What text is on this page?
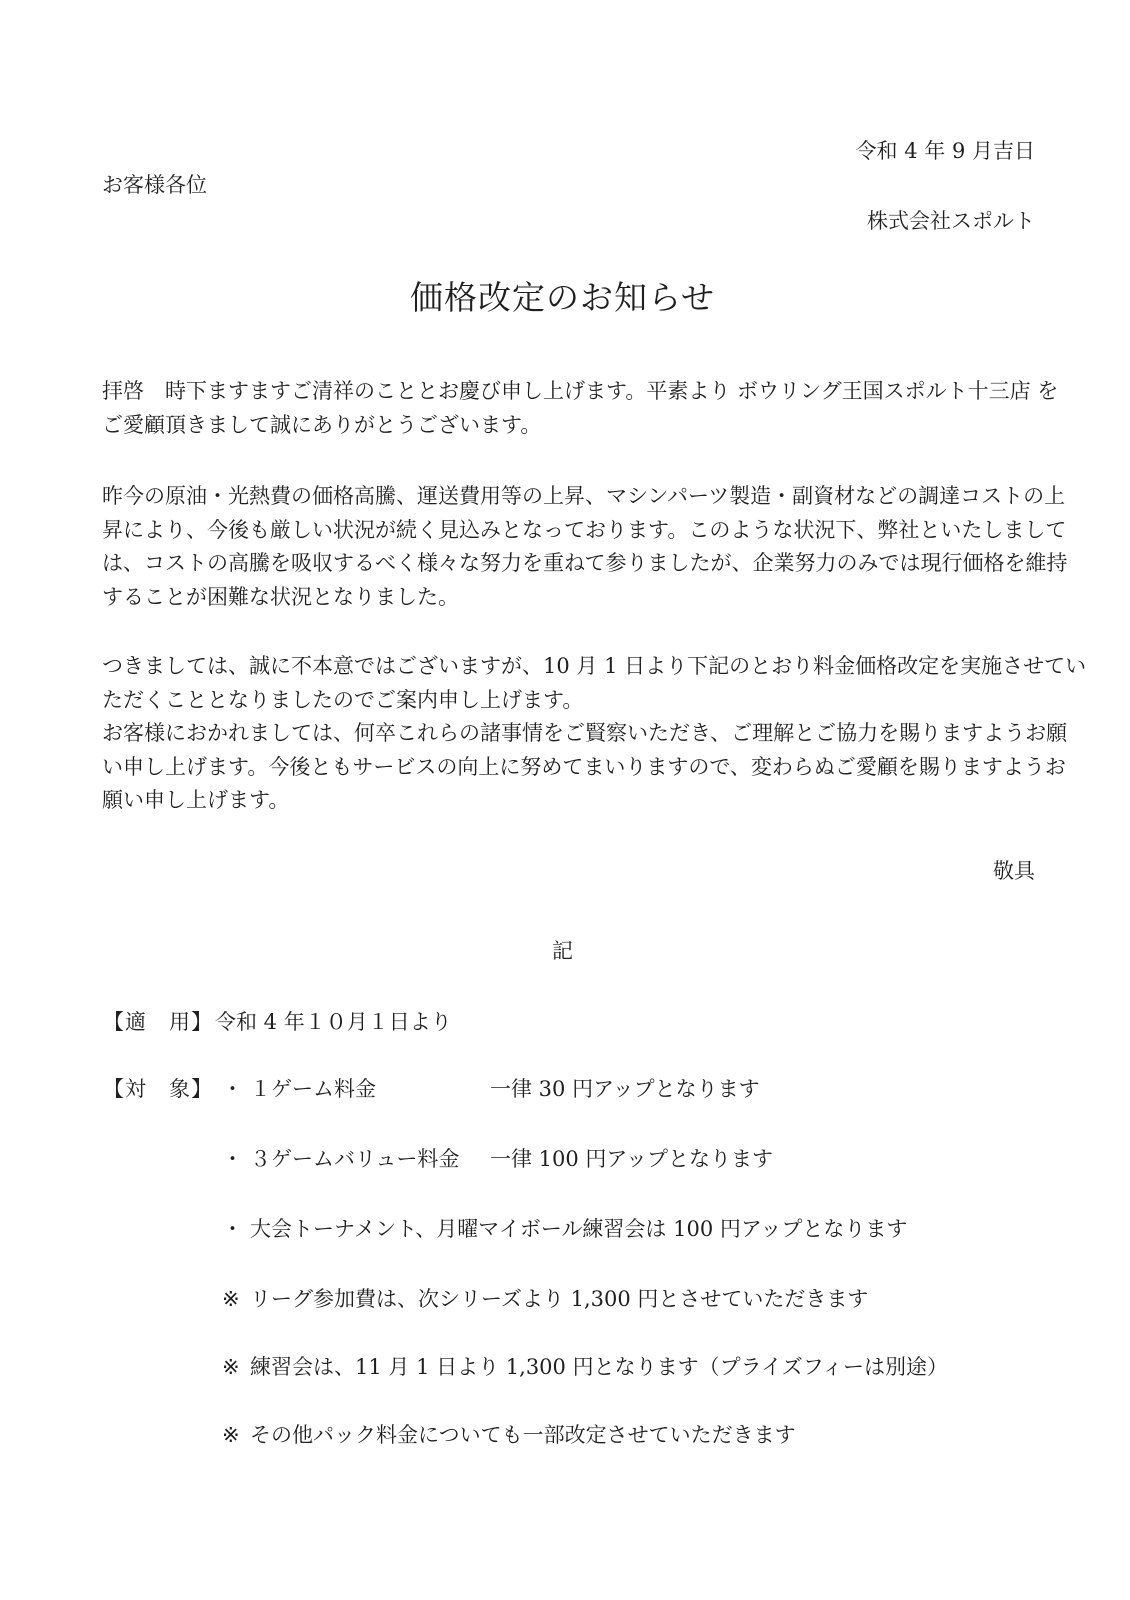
令和 4 年 9 月吉日
お客様各位
株式会社スポルト
価格改定のお知らせ
拝啓　時下ますますご清祥のこととお慶び申し上げます。平素より ボウリング王国スポルト十三店 を
ご愛顧頂きまして誠にありがとうございます。
昨今の原油・光熱費の価格高騰、運送費用等の上昇、マシンパーツ製造・副資材などの調達コストの上
昇により、今後も厳しい状況が続く見込みとなっております。このような状況下、弊社といたしまして
は、コストの高騰を吸収するべく様々な努力を重ねて参りましたが、企業努力のみでは現行価格を維持
することが困難な状況となりました。
つきましては、誠に不本意ではございますが、10 月 1 日より下記のとおり料金価格改定を実施させてい
ただくこととなりましたのでご案内申し上げます。
お客様におかれましては、何卒これらの諸事情をご賢察いただき、ご理解とご協力を賜りますようお願
い申し上げます。今後ともサービスの向上に努めてまいりますので、変わらぬご愛顧を賜りますようお
願い申し上げます。
敬具
記
【適　用】 令和 4 年１０月１日より
【対　象】 ・ １ゲーム料金	一律 30 円アップとなります
・ ３ゲームバリュー料金 一律 100 円アップとなります
・ 大会トーナメント、月曜マイボール練習会は 100 円アップとなります
※ リーグ参加費は、次シリーズより 1,300 円とさせていただきます
※ 練習会は、11 月 1 日より 1,300 円となります（プライズフィーは別途）
※ その他パック料金についても一部改定させていただきます
